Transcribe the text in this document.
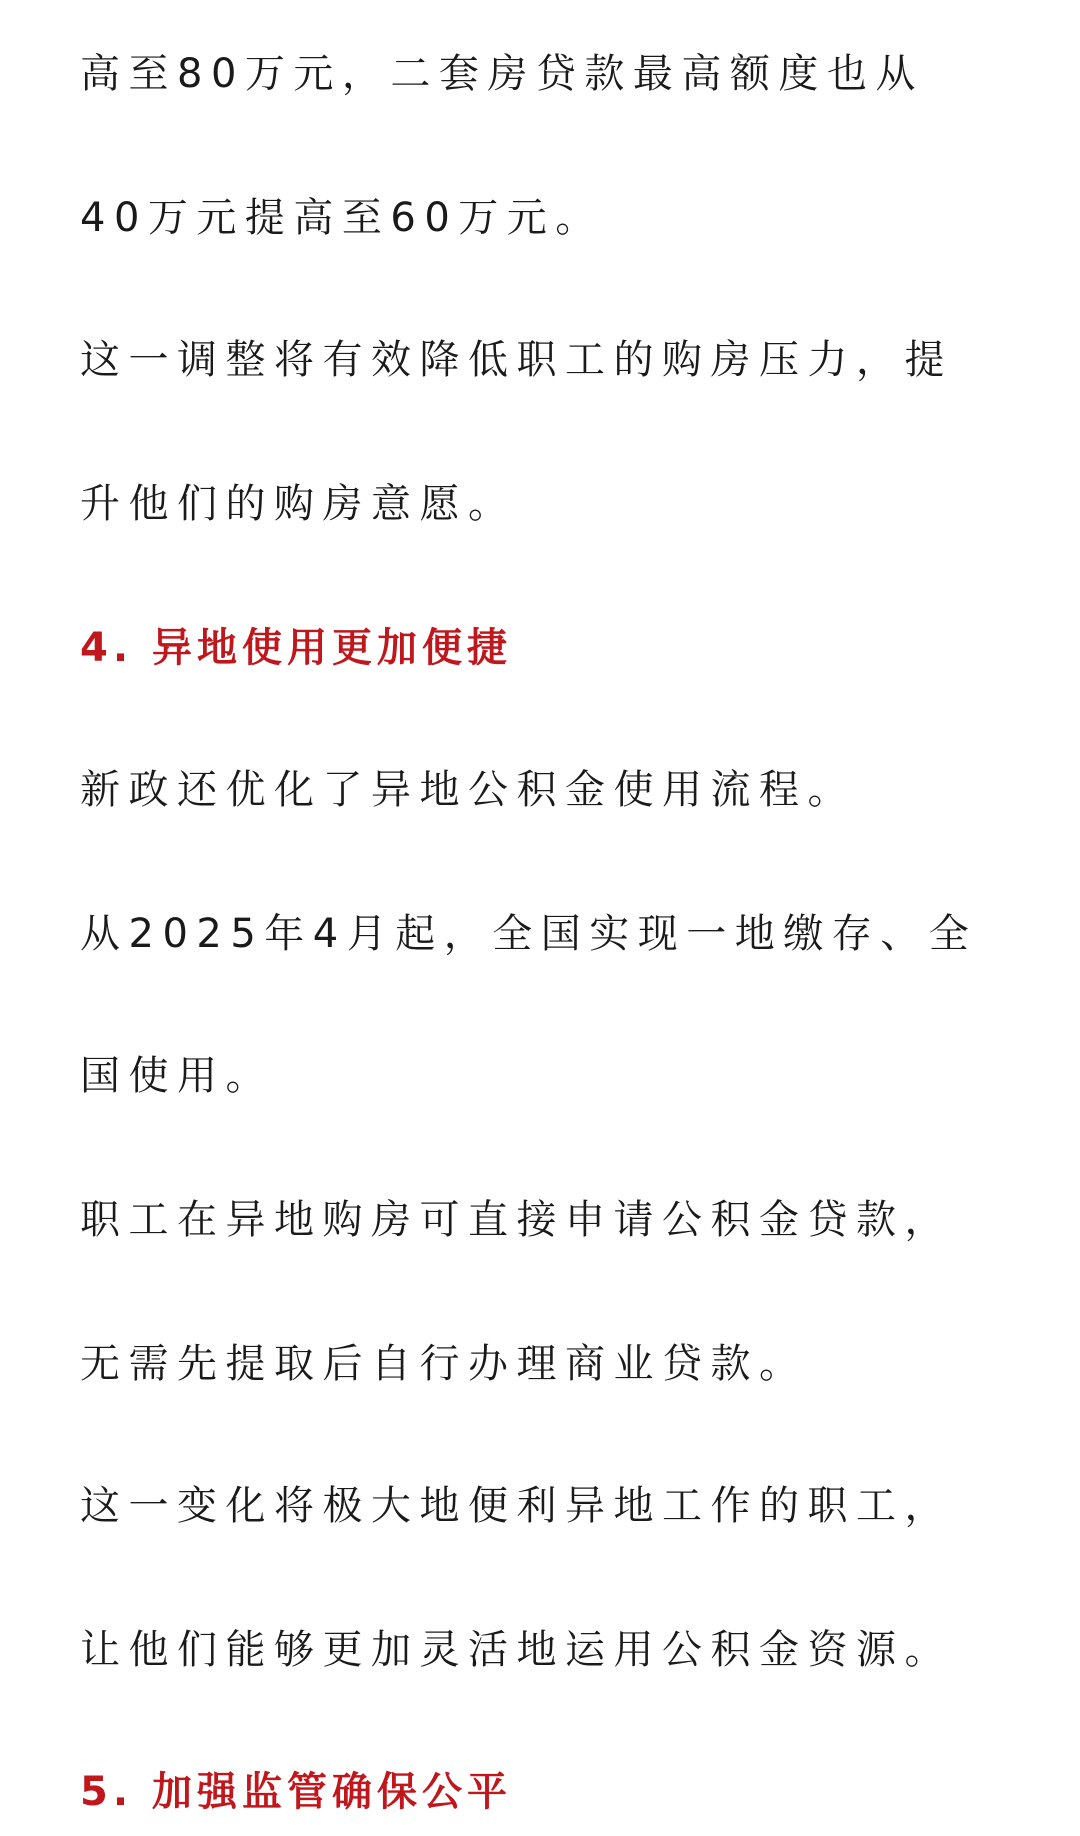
高至80万元，二套房贷款最高额度也从
40万元提高至60万元。
这一调整将有效降低职工的购房压力，提
升他们的购房意愿。
4. 异地使用更加便捷
新政还优化了异地公积金使用流程。
从2025年4月起，全国实现一地缴存、全
国使用。
职工在异地购房可直接申请公积金贷款，
无需先提取后自行办理商业贷款。
这一变化将极大地便利异地工作的职工，
让他们能够更加灵活地运用公积金资源。
5. 加强监管确保公平
